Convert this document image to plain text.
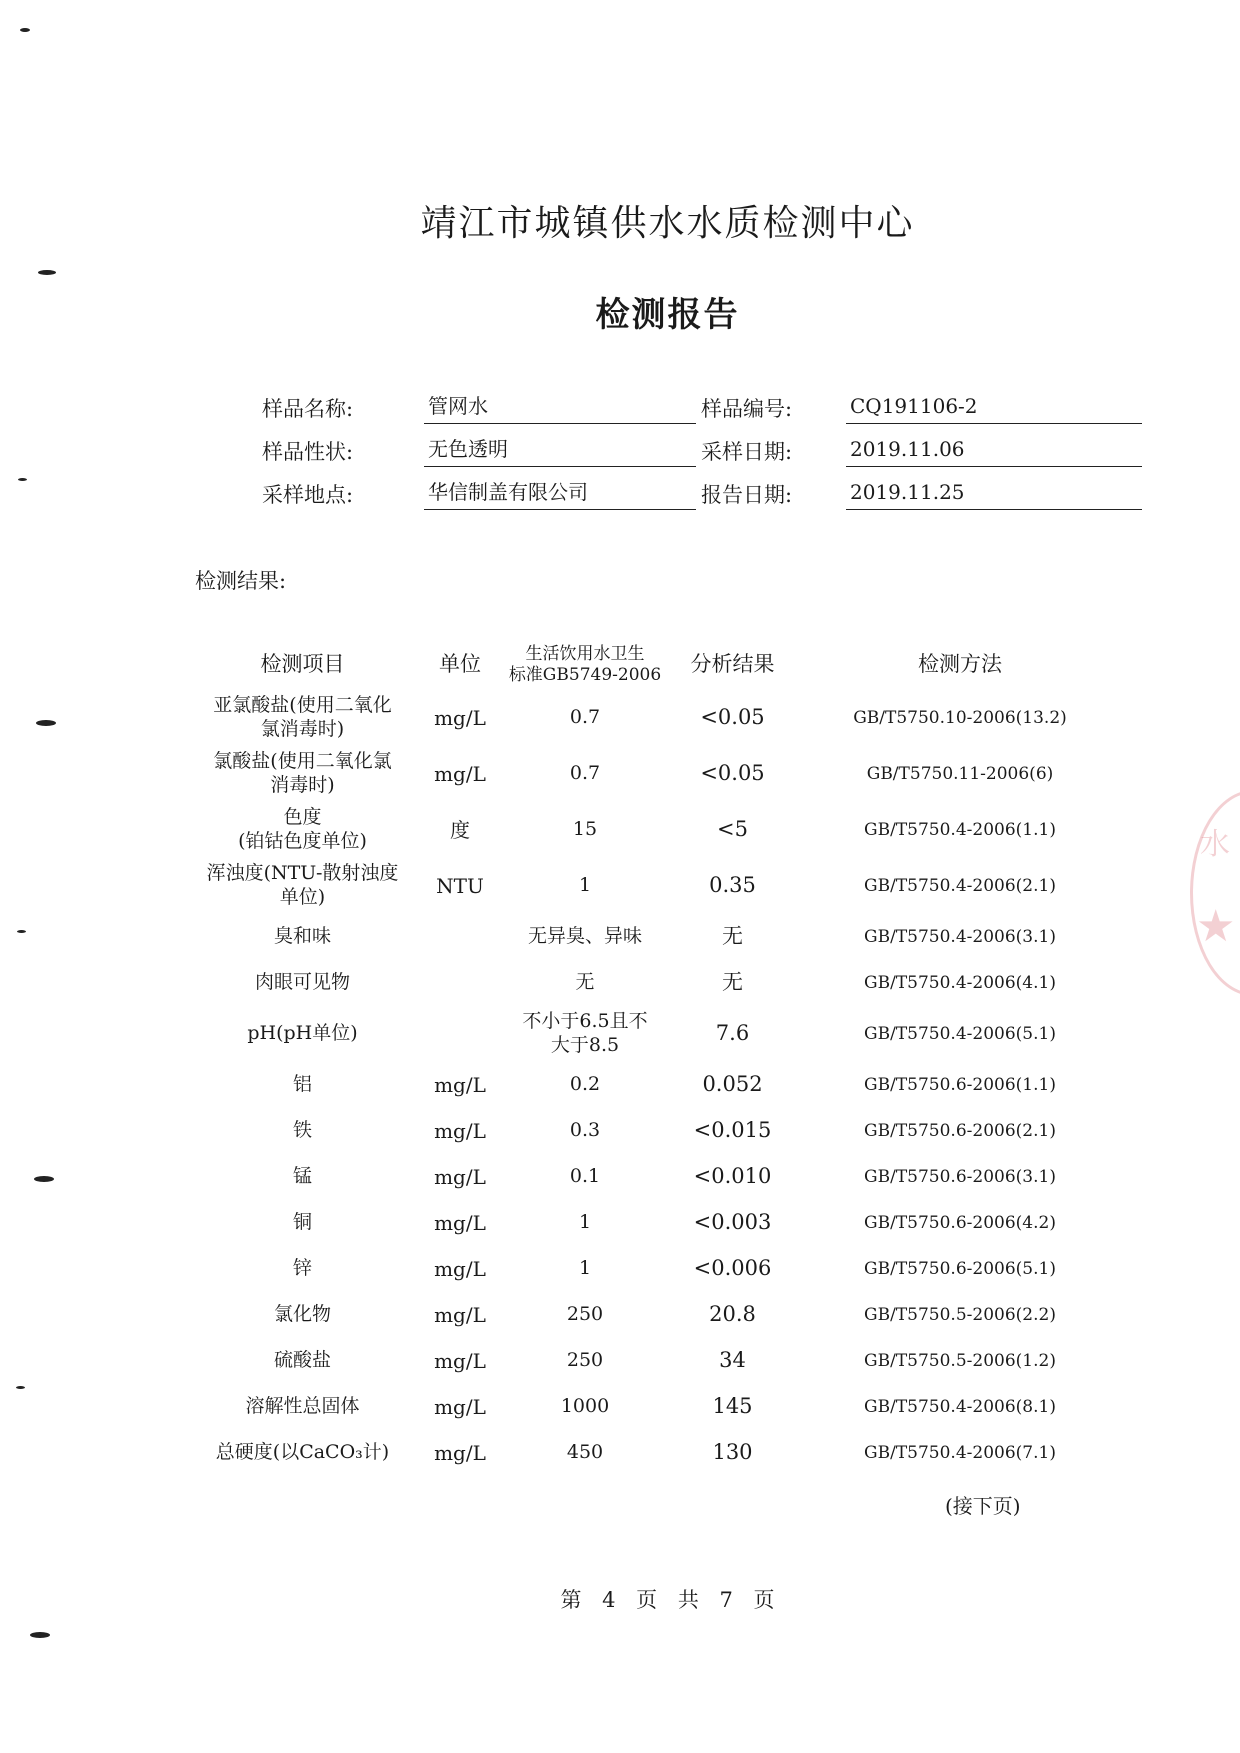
水
★
靖江市城镇供水水质检测中心
检测报告
样品名称:	管网水	样品编号:	CQ191106-2
样品性状:	无色透明	采样日期:	2019.11.06
采样地点:	华信制盖有限公司	报告日期:	2019.11.25
检测结果:
检测项目	单位	生活饮用水卫生
标准GB5749-2006	分析结果	检测方法

亚氯酸盐(使用二氧化
氯消毒时)	mg/L	0.7	<0.05	GB/T5750.10-2006(13.2)

氯酸盐(使用二氧化氯
消毒时)	mg/L	0.7	<0.05	GB/T5750.11-2006(6)

色度
(铂钴色度单位)	度	15	<5	GB/T5750.4-2006(1.1)

浑浊度(NTU-散射浊度
单位)	NTU	1	0.35	GB/T5750.4-2006(2.1)

臭和味		无异臭、异味	无	GB/T5750.4-2006(3.1)

肉眼可见物		无	无	GB/T5750.4-2006(4.1)

pH(pH单位)		不小于6.5且不
大于8.5	7.6	GB/T5750.4-2006(5.1)

铝	mg/L	0.2	0.052	GB/T5750.6-2006(1.1)

铁	mg/L	0.3	<0.015	GB/T5750.6-2006(2.1)

锰	mg/L	0.1	<0.010	GB/T5750.6-2006(3.1)

铜	mg/L	1	<0.003	GB/T5750.6-2006(4.2)

锌	mg/L	1	<0.006	GB/T5750.6-2006(5.1)

氯化物	mg/L	250	20.8	GB/T5750.5-2006(2.2)

硫酸盐	mg/L	250	34	GB/T5750.5-2006(1.2)

溶解性总固体	mg/L	1000	145	GB/T5750.4-2006(8.1)

总硬度(以CaCO₃计)	mg/L	450	130	GB/T5750.4-2006(7.1)
(接下页)
第 4 页 共 7 页
